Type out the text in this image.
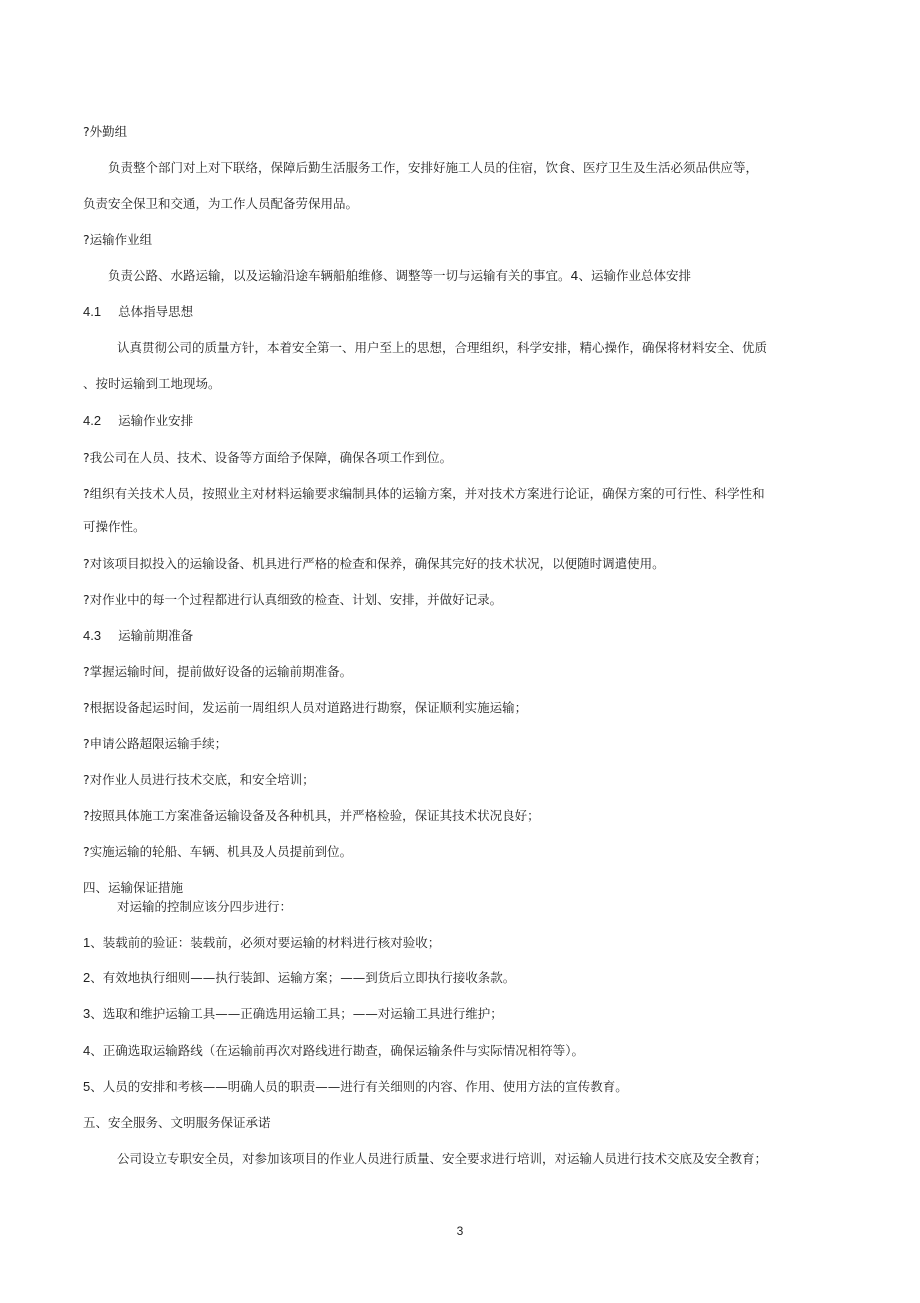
?外勤组

负责整个部门对上对下联络，保障后勤生活服务工作，安排好施工人员的住宿，饮食、医疗卫生及生活必须品供应等，

负责安全保卫和交通，为工作人员配备劳保用品。

?运输作业组

负责公路、水路运输，以及运输沿途车辆船舶维修、调整等一切与运输有关的事宜。4、运输作业总体安排

4.1 总体指导思想

认真贯彻公司的质量方针，本着安全第一、用户至上的思想，合理组织，科学安排，精心操作，确保将材料安全、优质

、按时运输到工地现场。

4.2 运输作业安排

?我公司在人员、技术、设备等方面给予保障，确保各项工作到位。

?组织有关技术人员，按照业主对材料运输要求编制具体的运输方案，并对技术方案进行论证，确保方案的可行性、科学性和

可操作性。

?对该项目拟投入的运输设备、机具进行严格的检查和保养，确保其完好的技术状况，以便随时调遣使用。

?对作业中的每一个过程都进行认真细致的检查、计划、安排，并做好记录。

4.3 运输前期准备

?掌握运输时间，提前做好设备的运输前期准备。

?根据设备起运时间，发运前一周组织人员对道路进行勘察，保证顺利实施运输；

?申请公路超限运输手续；

?对作业人员进行技术交底，和安全培训；

?按照具体施工方案准备运输设备及各种机具，并严格检验，保证其技术状况良好；

?实施运输的轮船、车辆、机具及人员提前到位。

四、运输保证措施

对运输的控制应该分四步进行：

1、装载前的验证：装载前，必须对要运输的材料进行核对验收；

2、有效地执行细则——执行装卸、运输方案；——到货后立即执行接收条款。

3、选取和维护运输工具——正确选用运输工具；——对运输工具进行维护；

4、正确选取运输路线（在运输前再次对路线进行勘查，确保运输条件与实际情况相符等）。

5、人员的安排和考核——明确人员的职责——进行有关细则的内容、作用、使用方法的宣传教育。

五、安全服务、文明服务保证承诺

公司设立专职安全员，对参加该项目的作业人员进行质量、安全要求进行培训，对运输人员进行技术交底及安全教育；

3
